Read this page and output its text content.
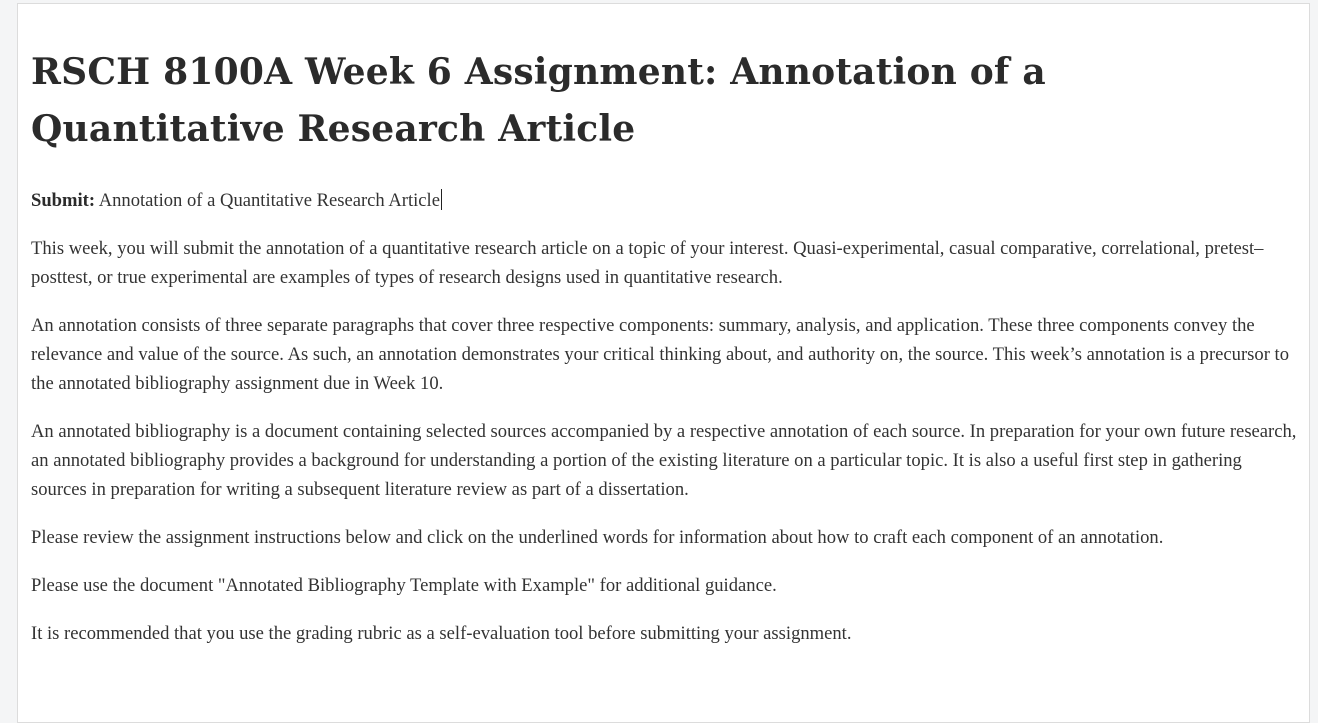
RSCH 8100A Week 6 Assignment: Annotation of a Quantitative Research Article

Submit: Annotation of a Quantitative Research Article

This week, you will submit the annotation of a quantitative research article on a topic of your interest. Quasi-experimental, casual comparative, correlational, pretest–posttest, or true experimental are examples of types of research designs used in quantitative research.

An annotation consists of three separate paragraphs that cover three respective components: summary, analysis, and application. These three components convey the relevance and value of the source. As such, an annotation demonstrates your critical thinking about, and authority on, the source. This week’s annotation is a precursor to the annotated bibliography assignment due in Week 10.

An annotated bibliography is a document containing selected sources accompanied by a respective annotation of each source. In preparation for your own future research, an annotated bibliography provides a background for understanding a portion of the existing literature on a particular topic. It is also a useful first step in gathering sources in preparation for writing a subsequent literature review as part of a dissertation.

Please review the assignment instructions below and click on the underlined words for information about how to craft each component of an annotation.

Please use the document "Annotated Bibliography Template with Example" for additional guidance.

It is recommended that you use the grading rubric as a self-evaluation tool before submitting your assignment.
